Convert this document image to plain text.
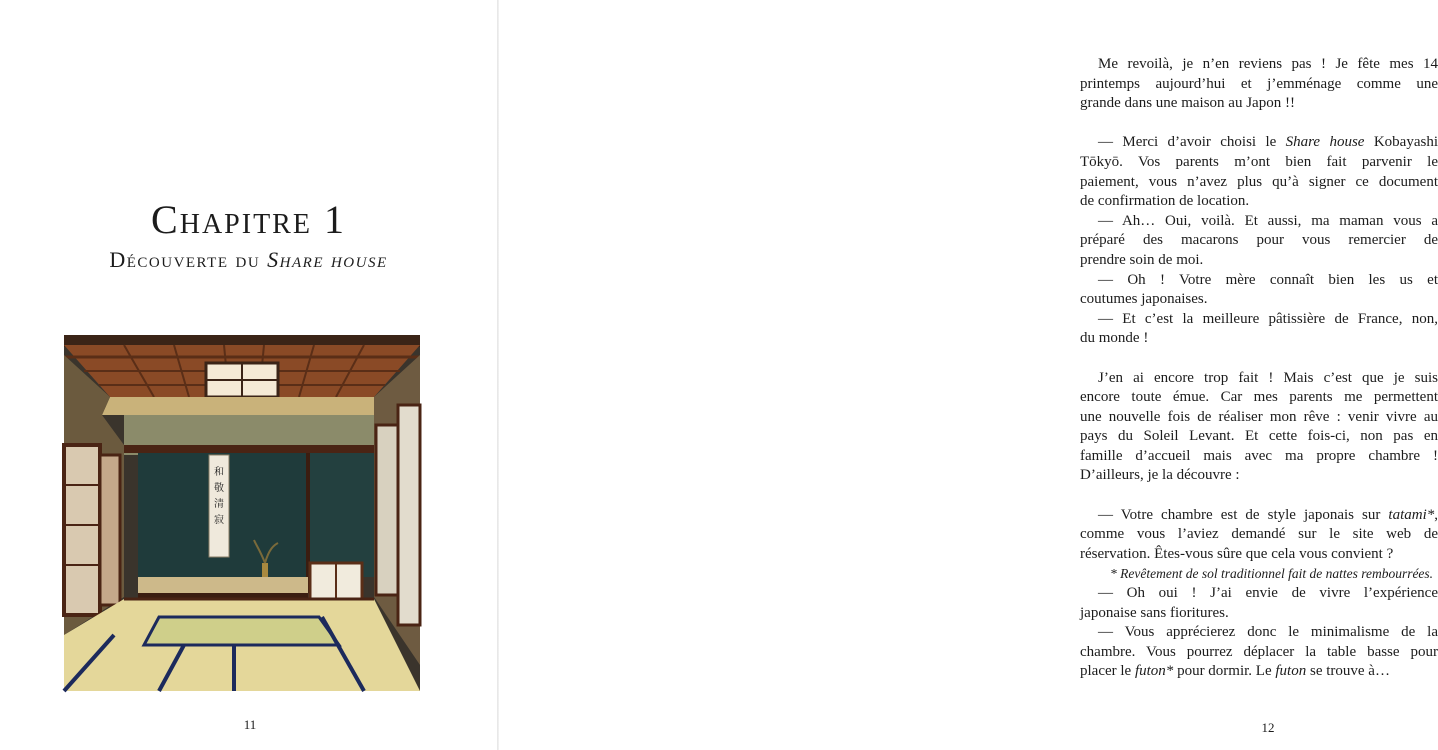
Chapitre 1
Découverte du Share house
和
敬
清
寂
11
Me revoilà, je n’en reviens pas ! Je fête mes 14
printemps aujourd’hui et j’emménage comme une
grande dans une maison au Japon !!
— Merci d’avoir choisi le Share house Kobayashi
Tōkyō. Vos parents m’ont bien fait parvenir le
paiement, vous n’avez plus qu’à signer ce document
de confirmation de location.
— Ah… Oui, voilà. Et aussi, ma maman vous a
préparé des macarons pour vous remercier de
prendre soin de moi.
— Oh ! Votre mère connaît bien les us et
coutumes japonaises.
— Et c’est la meilleure pâtissière de France, non,
du monde !
J’en ai encore trop fait ! Mais c’est que je suis
encore toute émue. Car mes parents me permettent
une nouvelle fois de réaliser mon rêve : venir vivre au
pays du Soleil Levant. Et cette fois-ci, non pas en
famille d’accueil mais avec ma propre chambre !
D’ailleurs, je la découvre :
— Votre chambre est de style japonais sur tatami*,
comme vous l’aviez demandé sur le site web de
réservation. Êtes-vous sûre que cela vous convient ?
* Revêtement de sol traditionnel fait de nattes rembourrées.
— Oh oui ! J’ai envie de vivre l’expérience
japonaise sans fioritures.
— Vous apprécierez donc le minimalisme de la
chambre. Vous pourrez déplacer la table basse pour
placer le futon* pour dormir. Le futon se trouve à…
12
